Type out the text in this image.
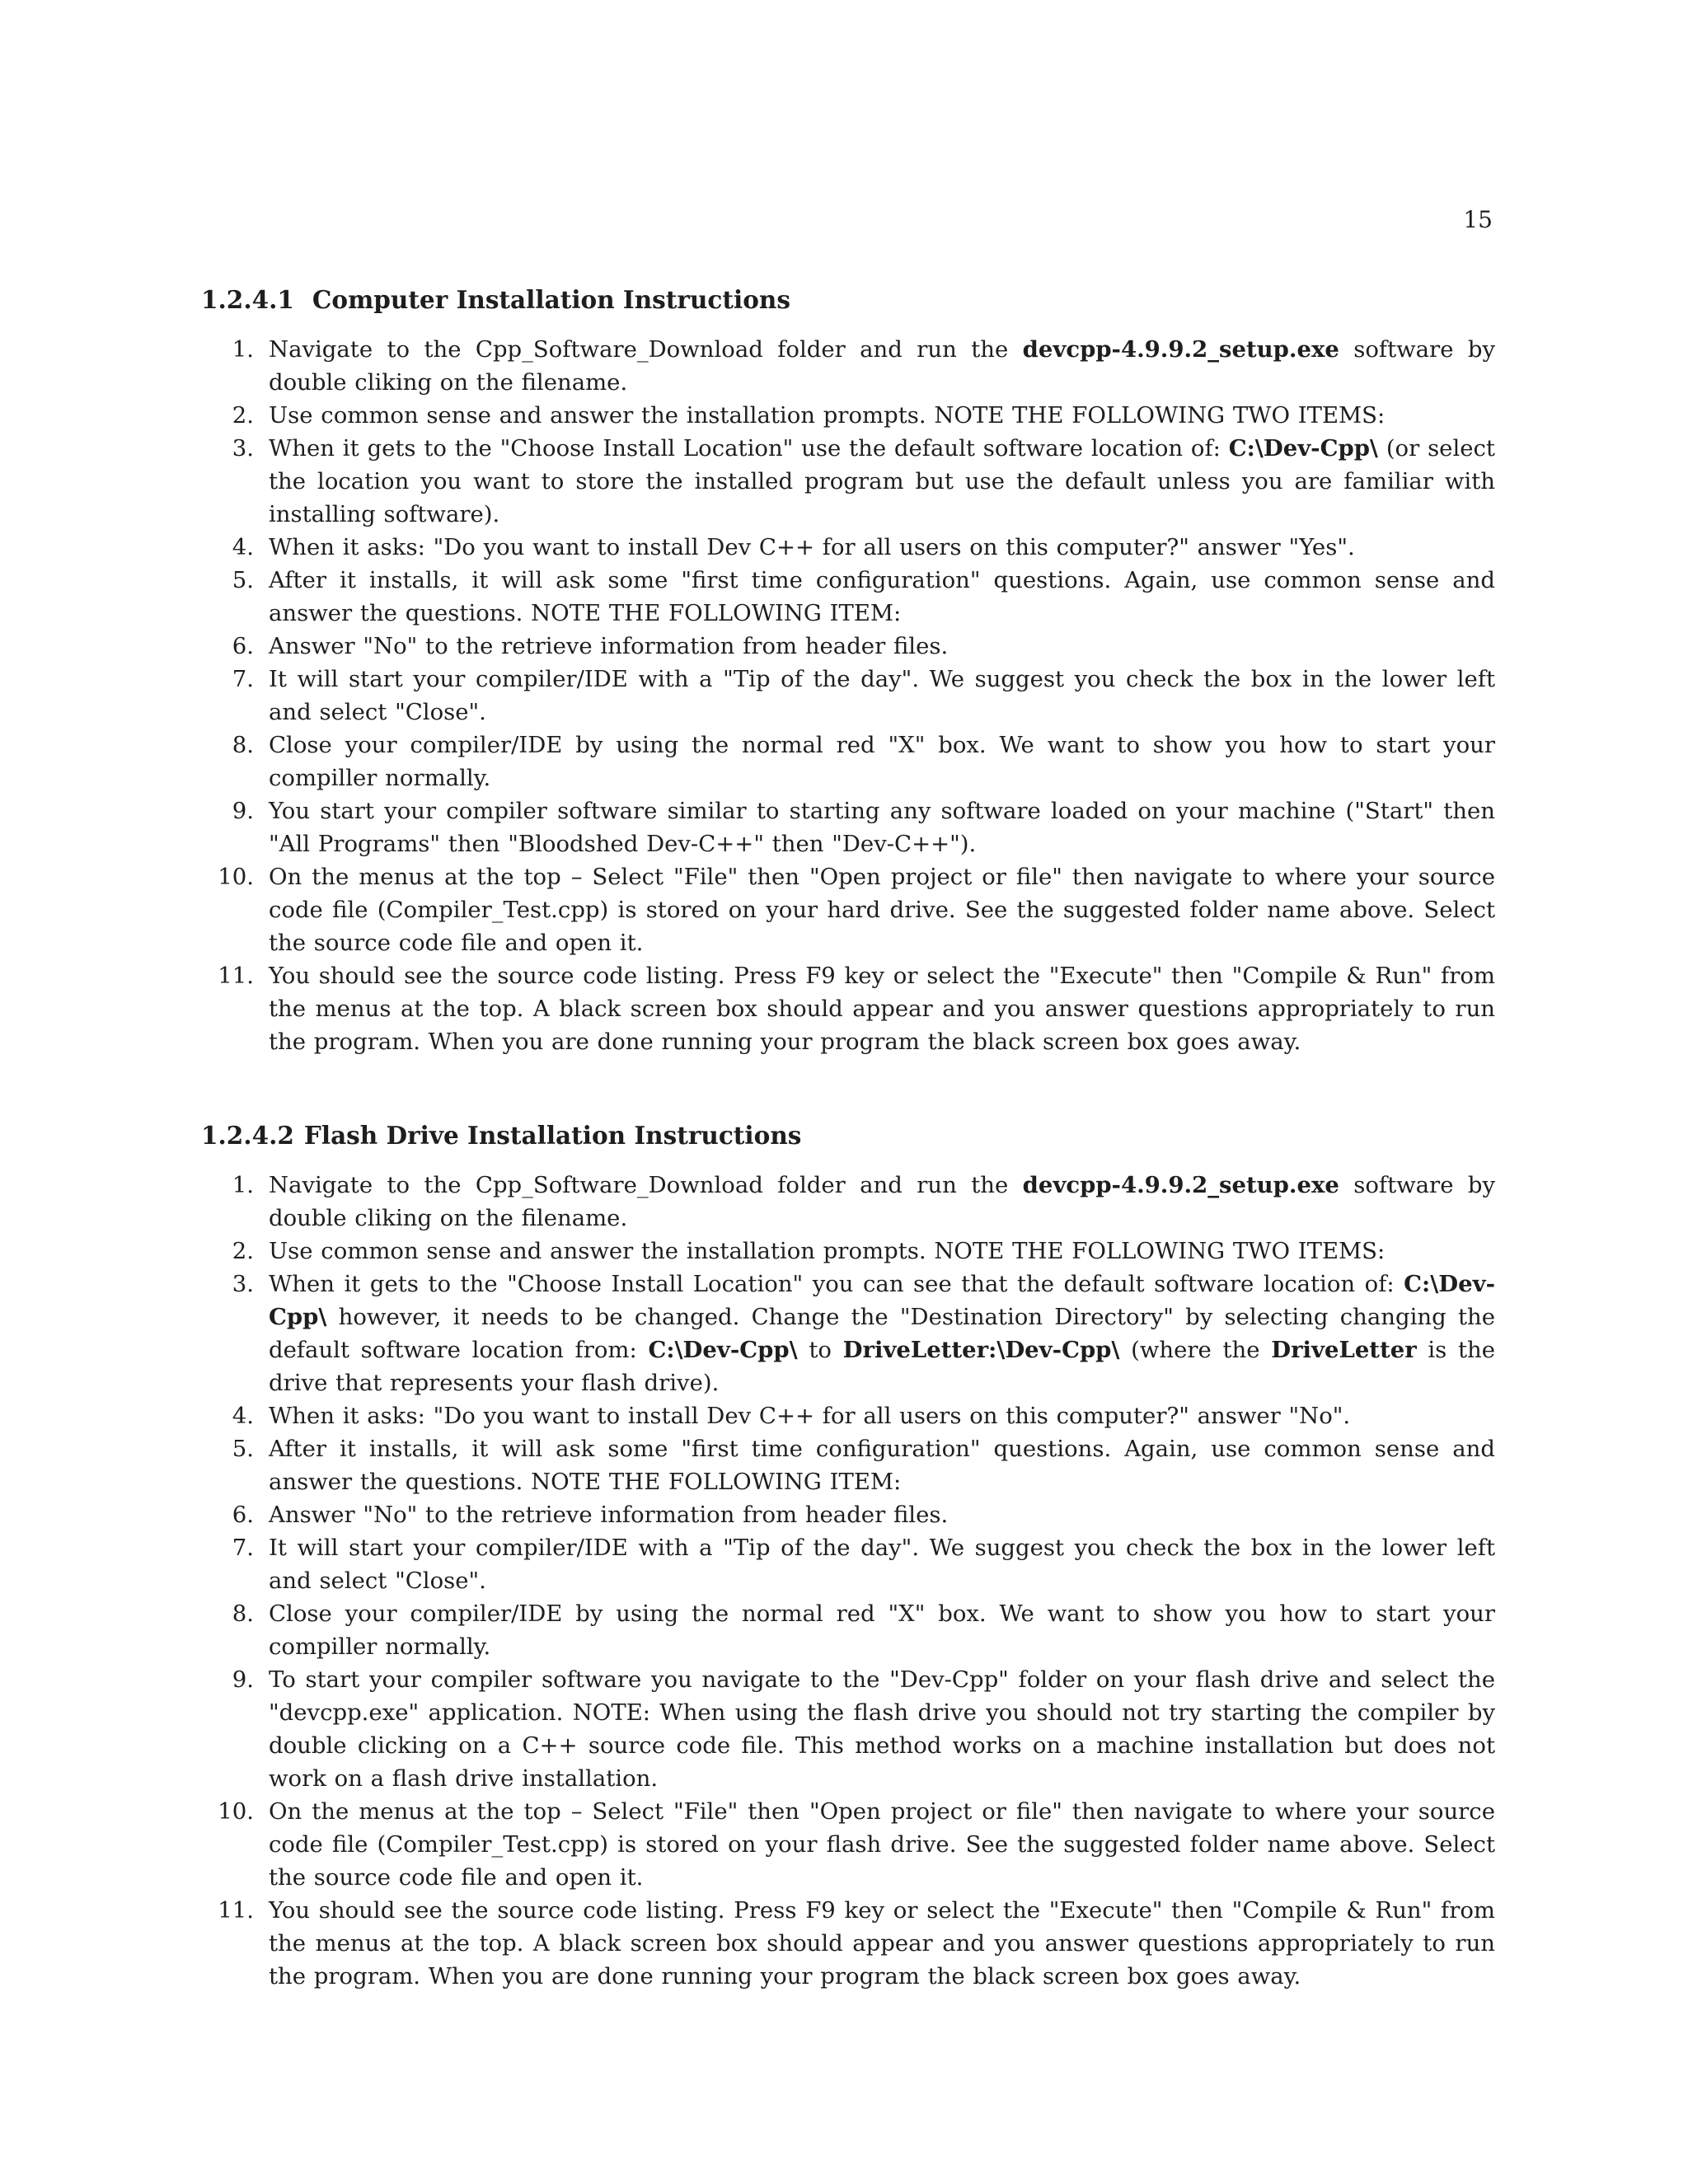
15
1.2.4.1 Computer Installation Instructions
1. Navigate to the Cpp_Software_Download folder and run the devcpp-4.9.9.2_setup.exe software by double cliking on the filename.
2. Use common sense and answer the installation prompts. NOTE THE FOLLOWING TWO ITEMS:
3. When it gets to the "Choose Install Location" use the default software location of: C:\Dev-Cpp\ (or select the location you want to store the installed program but use the default unless you are familiar with installing software).
4. When it asks: "Do you want to install Dev C++ for all users on this computer?" answer "Yes".
5. After it installs, it will ask some "first time configuration" questions. Again, use common sense and answer the questions. NOTE THE FOLLOWING ITEM:
6. Answer "No" to the retrieve information from header files.
7. It will start your compiler/IDE with a "Tip of the day". We suggest you check the box in the lower left and select "Close".
8. Close your compiler/IDE by using the normal red "X" box. We want to show you how to start your compiller normally.
9. You start your compiler software similar to starting any software loaded on your machine ("Start" then "All Programs" then "Bloodshed Dev-C++" then "Dev-C++").
10. On the menus at the top – Select "File" then "Open project or file" then navigate to where your source code file (Compiler_Test.cpp) is stored on your hard drive. See the suggested folder name above. Select the source code file and open it.
11. You should see the source code listing. Press F9 key or select the "Execute" then "Compile & Run" from the menus at the top. A black screen box should appear and you answer questions appropriately to run the program. When you are done running your program the black screen box goes away.
1.2.4.2 Flash Drive Installation Instructions
1. Navigate to the Cpp_Software_Download folder and run the devcpp-4.9.9.2_setup.exe software by double cliking on the filename.
2. Use common sense and answer the installation prompts. NOTE THE FOLLOWING TWO ITEMS:
3. When it gets to the "Choose Install Location" you can see that the default software location of: C:\Dev-Cpp\ however, it needs to be changed. Change the "Destination Directory" by selecting changing the default software location from: C:\Dev-Cpp\ to DriveLetter:\Dev-Cpp\ (where the DriveLetter is the drive that represents your flash drive).
4. When it asks: "Do you want to install Dev C++ for all users on this computer?" answer "No".
5. After it installs, it will ask some "first time configuration" questions. Again, use common sense and answer the questions. NOTE THE FOLLOWING ITEM:
6. Answer "No" to the retrieve information from header files.
7. It will start your compiler/IDE with a "Tip of the day". We suggest you check the box in the lower left and select "Close".
8. Close your compiler/IDE by using the normal red "X" box. We want to show you how to start your compiller normally.
9. To start your compiler software you navigate to the "Dev-Cpp" folder on your flash drive and select the "devcpp.exe" application. NOTE: When using the flash drive you should not try starting the compiler by double clicking on a C++ source code file. This method works on a machine installation but does not work on a flash drive installation.
10. On the menus at the top – Select "File" then "Open project or file" then navigate to where your source code file (Compiler_Test.cpp) is stored on your flash drive. See the suggested folder name above. Select the source code file and open it.
11. You should see the source code listing. Press F9 key or select the "Execute" then "Compile & Run" from the menus at the top. A black screen box should appear and you answer questions appropriately to run the program. When you are done running your program the black screen box goes away.
